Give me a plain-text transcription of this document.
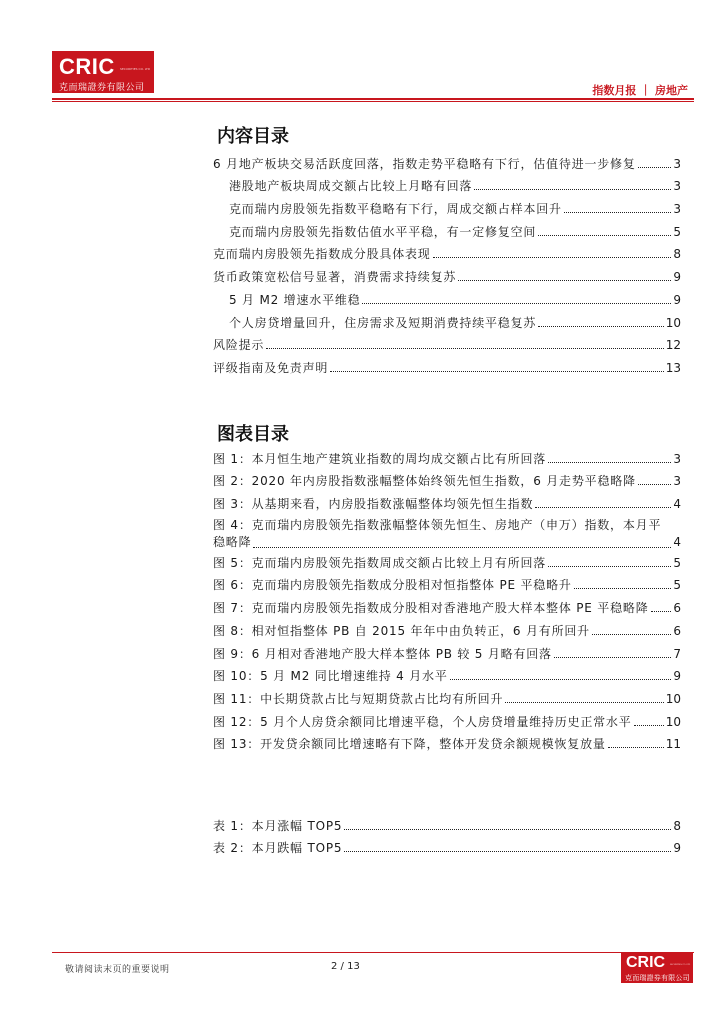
CRIC SECURITIES CO. LTD
克而瑞證券有限公司	指数月报 ｜ 房地产
内容目录
6 月地产板块交易活跃度回落，指数走势平稳略有下行，估值待进一步修复	3
港股地产板块周成交额占比较上月略有回落	3
克而瑞内房股领先指数平稳略有下行，周成交额占样本回升	3
克而瑞内房股领先指数估值水平平稳，有一定修复空间	5
克而瑞内房股领先指数成分股具体表现	8
货币政策宽松信号显著，消费需求持续复苏	9
5 月 M2 增速水平维稳	9
个人房贷增量回升，住房需求及短期消费持续平稳复苏	10
风险提示	12
评级指南及免责声明	13
图表目录
图 1：本月恒生地产建筑业指数的周均成交额占比有所回落	3
图 2：2020 年内房股指数涨幅整体始终领先恒生指数，6 月走势平稳略降	3
图 3：从基期来看，内房股指数涨幅整体均领先恒生指数	4
图 4：克而瑞内房股领先指数涨幅整体领先恒生、房地产（申万）指数，本月平
稳略降	4
图 5：克而瑞内房股领先指数周成交额占比较上月有所回落	5
图 6：克而瑞内房股领先指数成分股相对恒指整体 PE 平稳略升	5
图 7：克而瑞内房股领先指数成分股相对香港地产股大样本整体 PE 平稳略降 6
图 8：相对恒指整体 PB 自 2015 年年中由负转正，6 月有所回升	6
图 9：6 月相对香港地产股大样本整体 PB 较 5 月略有回落	7
图 10：5 月 M2 同比增速维持 4 月水平	9
图 11：中长期贷款占比与短期贷款占比均有所回升	10
图 12：5 月个人房贷余额同比增速平稳，个人房贷增量维持历史正常水平	10
图 13：开发贷余额同比增速略有下降，整体开发贷余额规模恢复放量	11
表 1：本月涨幅 TOP5	8
表 2：本月跌幅 TOP5	9
敬请阅读末页的重要说明	2 / 13	CRIC SECURITIES CO. LTD
克而瑞證券有限公司
